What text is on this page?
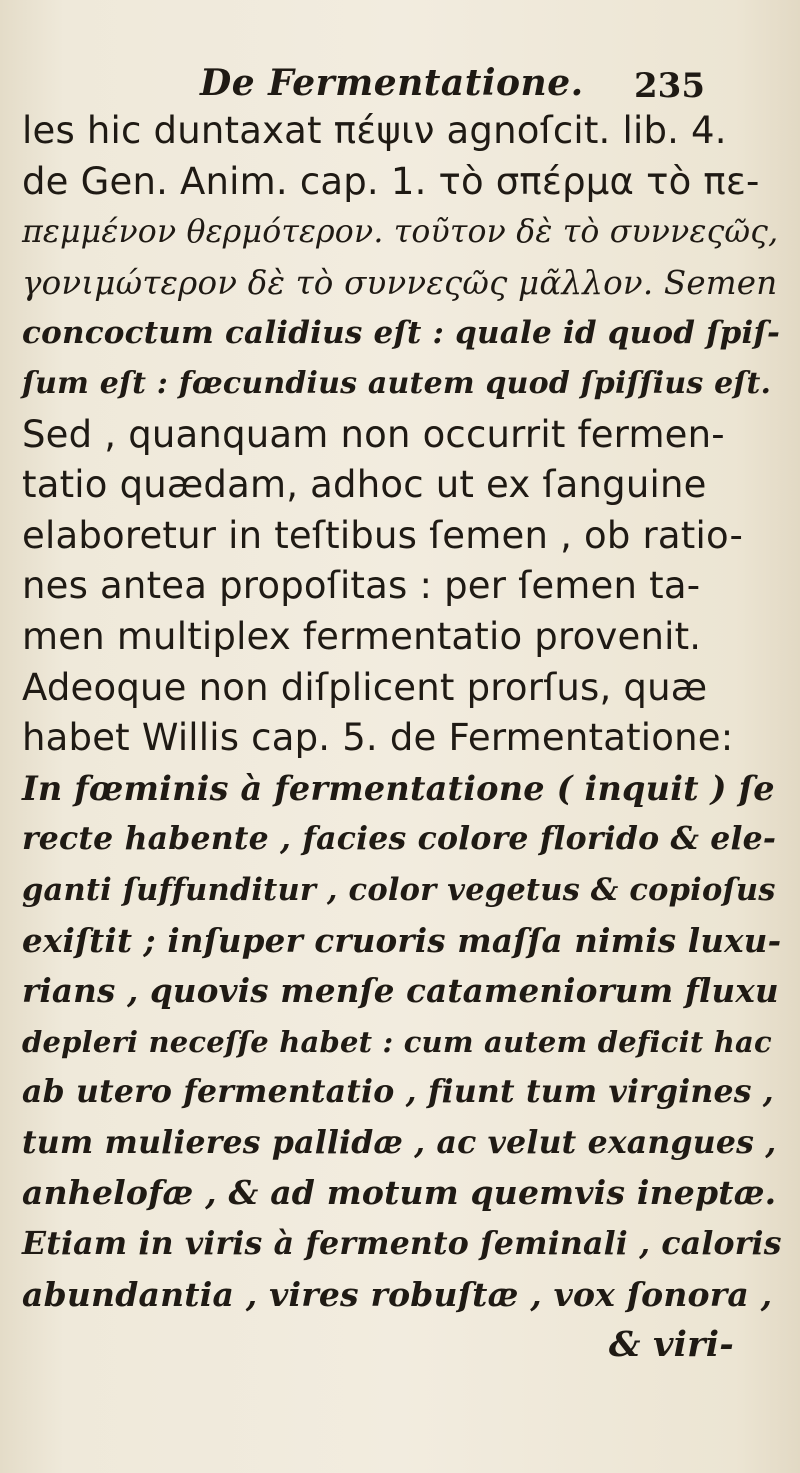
De Fermentatione. 235
les hic duntaxat πέψιν agnoſcit. lib. 4.
de Gen. Anim. cap. 1. τὸ σπέρμα τὸ πε-
πεμμένον θερμότερον. τοῦτον δὲ τὸ συννεςῶς,
γονιμώτερον δὲ τὸ συννεςῶς μᾶλλον. Semen
concoctum calidius eſt : quale id quod ſpiſ-
ſum eſt : fœcundius autem quod ſpiſſius eſt.
Sed , quanquam non occurrit fermen-
tatio quædam, adhoc ut ex ſanguine
elaboretur in teſtibus ſemen , ob ratio-
nes antea propoſitas : per ſemen ta-
men multiplex fermentatio provenit.
Adeoque non diſplicent prorſus, quæ
habet Willis cap. 5. de Fermentatione:
In fœminis à fermentatione ( inquit ) ſe
recte habente , facies colore florido & ele-
ganti ſuffunditur , color vegetus & copioſus
exiſtit ; inſuper cruoris maſſa nimis luxu-
rians , quovis menſe catameniorum fluxu
depleri neceſſe habet : cum autem deficit hac
ab utero fermentatio , fiunt tum virgines ,
tum mulieres pallidæ , ac velut exangues ,
anhelofæ , & ad motum quemvis ineptæ.
Etiam in viris à fermento ſeminali , caloris
abundantia , vires robuſtæ , vox ſonora ,
& viri-
